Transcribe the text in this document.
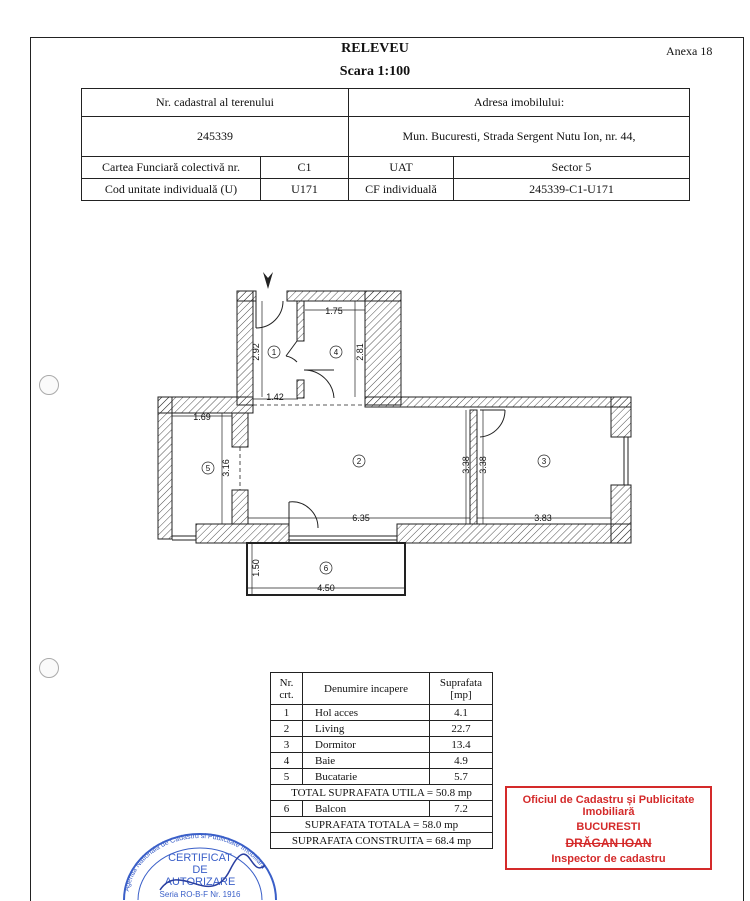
RELEVEU
Scara 1:100
Anexa 18
Nr. cadastral al terenului		Adresa imobilului:	
245339		Mun. Bucuresti, Strada Sergent Nutu Ion, nr. 44,	
Cartea Funciară colectivă nr.	C1	UAT	Sector 5
Cod unitate individuală (U)	U171	CF individuală	245339-C1-U171
1.75
2.92	2.81
1.42
1.69
3.16	3.38 3.38
6.35	3.83
1.50
4.50
1	4
2	3
5
6
Nr. crt.	Denumire incapere	Suprafata [mp]
1	Hol acces	4.1
2	Living	22.7
3	Dormitor	13.4
4	Baie	4.9
5	Bucatarie	5.7
TOTAL SUPRAFATA UTILA = 50.8 mp		
6	Balcon	7.2
SUPRAFATA TOTALA = 58.0 mp		
SUPRAFATA CONSTRUITA = 68.4 mp		
Oficiul de Cadastru și Publicitate Imobiliară
BUCURESTI
DRĂGAN IOAN
Inspector de cadastru
Agentia Nationala de Cadastru si Publicitate Imobiliara
CERTIFICAT
DE
AUTORIZARE
Seria RO-B-F Nr. 1916
